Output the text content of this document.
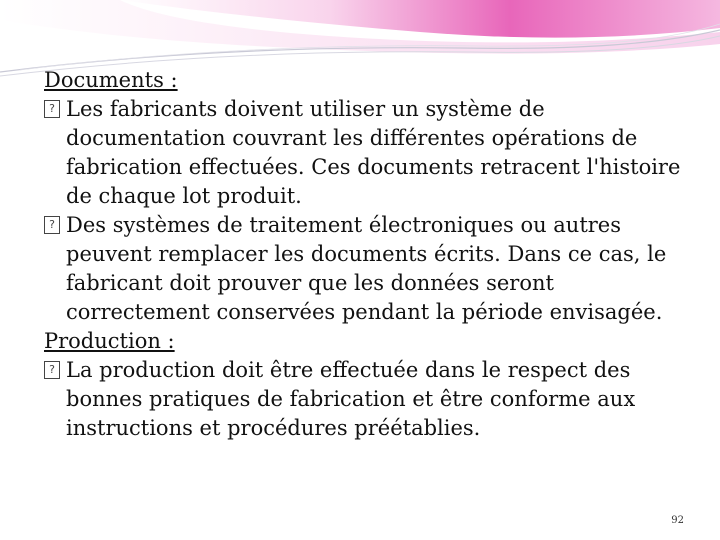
Documents :

? Les fabricants doivent utiliser un système de documentation couvrant les différentes opérations de fabrication effectuées. Ces documents retracent l'histoire de chaque lot produit.

? Des systèmes de traitement électroniques ou autres peuvent remplacer les documents écrits. Dans ce cas, le fabricant doit prouver que les données seront correctement conservées pendant la période envisagée.

Production :

? La production doit être effectuée dans le respect des bonnes pratiques de fabrication et être conforme aux instructions et procédures préétablies.

92
